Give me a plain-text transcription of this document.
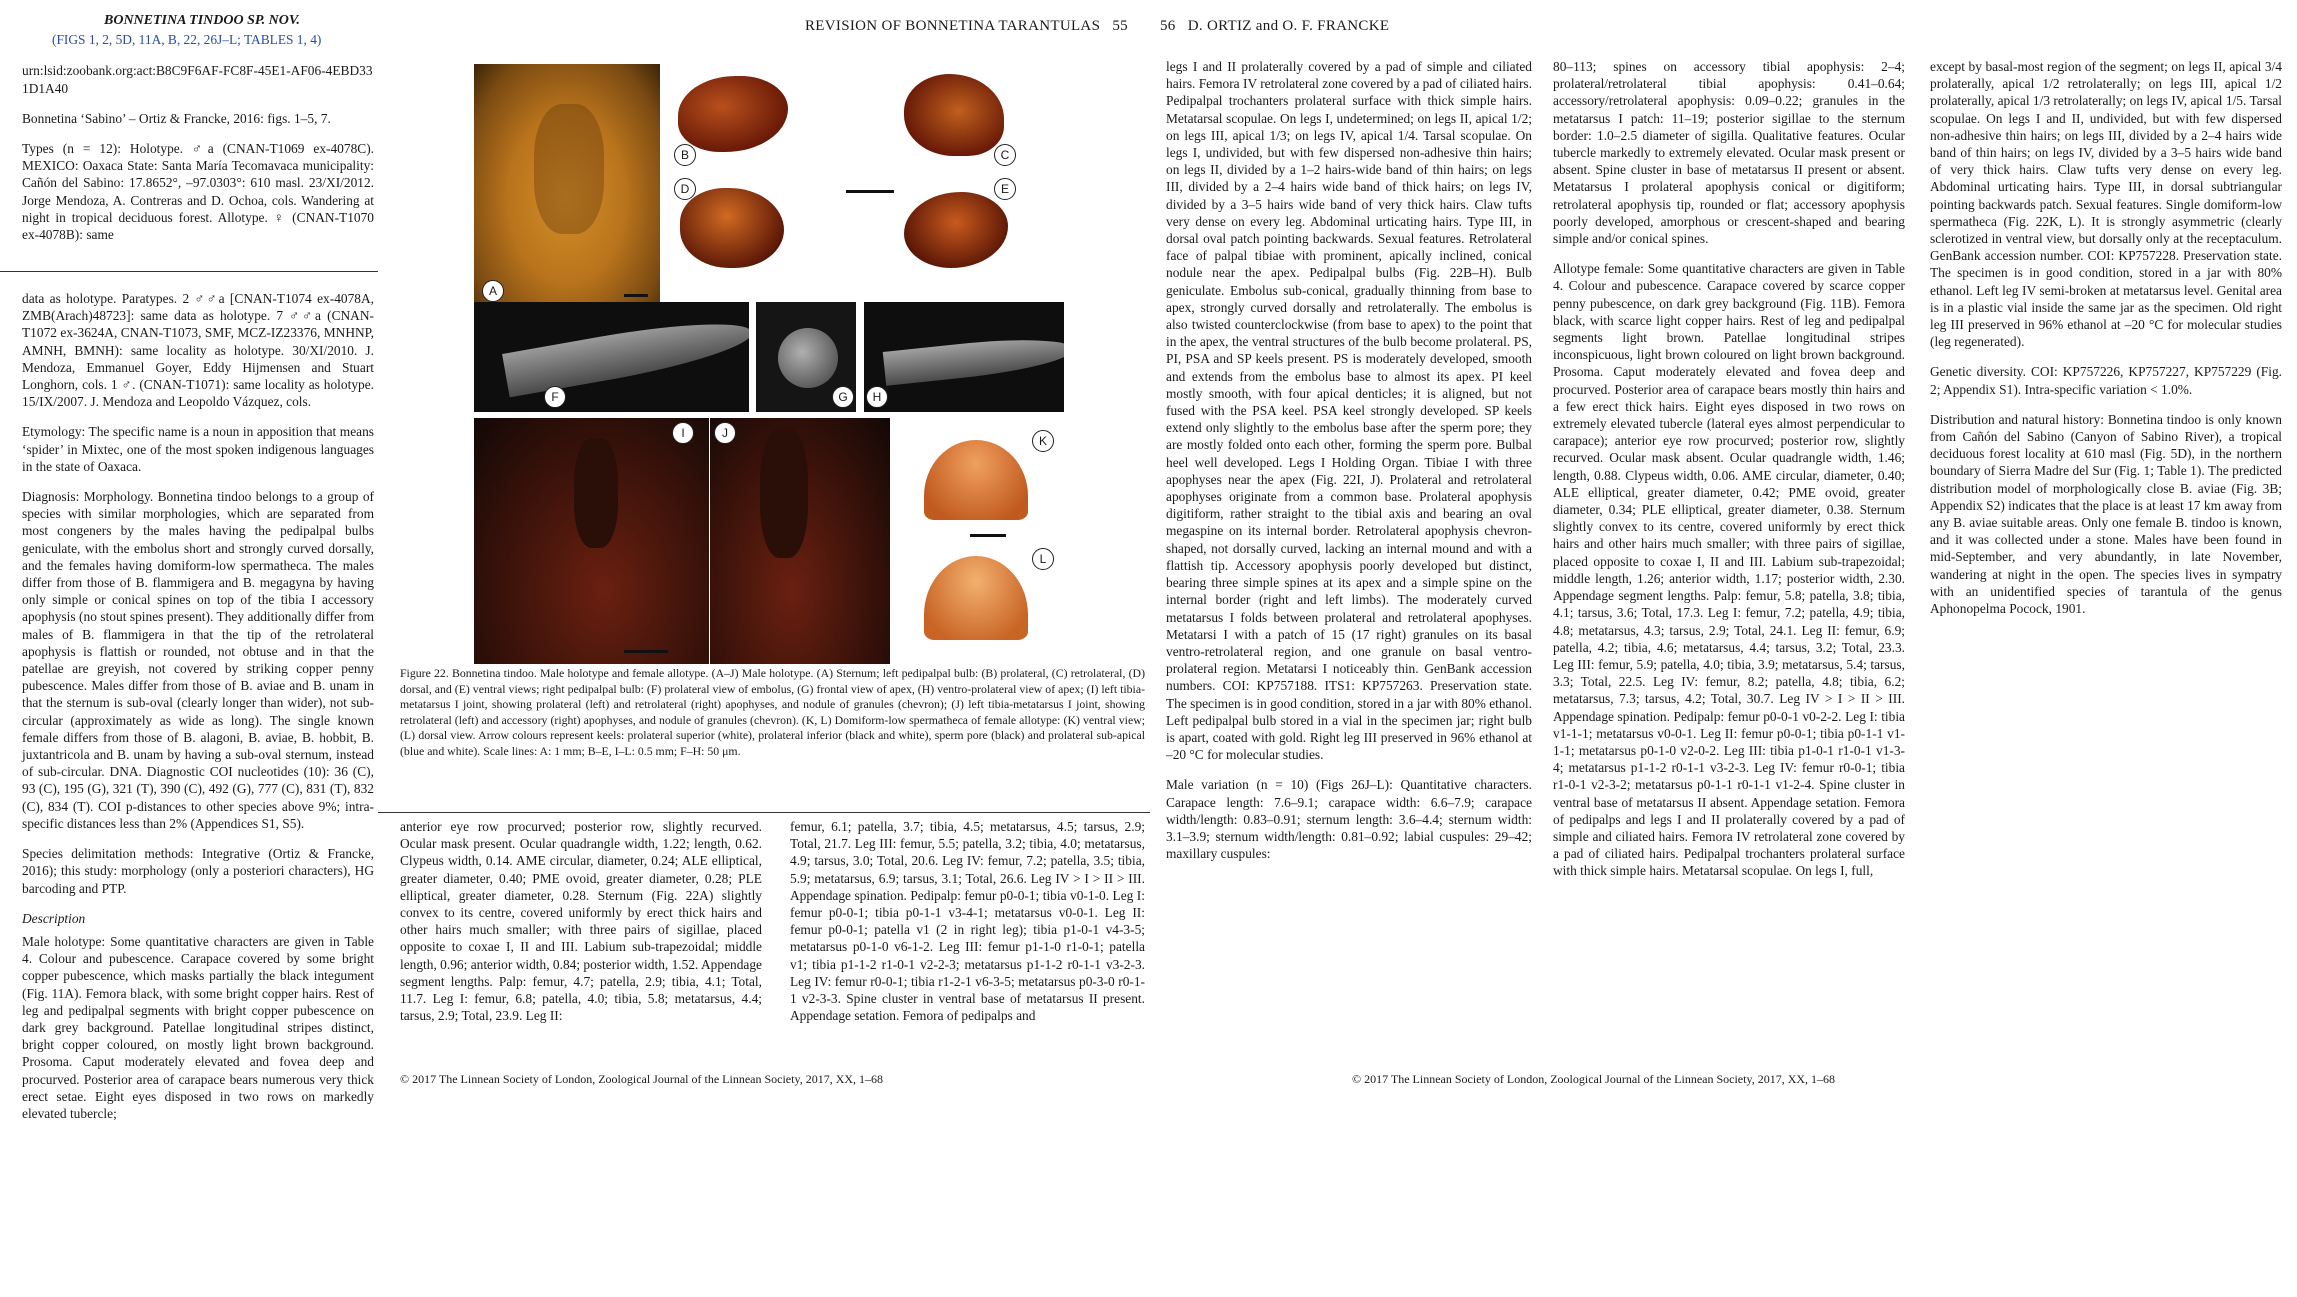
REVISION OF BONNETINA TARANTULAS 55

BONNETINA TINDOO SP. NOV.

(FIGS 1, 2, 5D, 11A, B, 22, 26J–L; TABLES 1, 4)

urn:lsid:zoobank.org:act:B8C9F6AF-FC8F-45E1-AF06-4EBD331D1A40

Bonnetina ‘Sabino’ – Ortiz & Francke, 2016: figs. 1–5, 7.

Types (n = 12): Holotype. ♂a (CNAN-T1069 ex-4078C). MEXICO: Oaxaca State: Santa María Tecomavaca municipality: Cañón del Sabino: 17.8652°, –97.0303°: 610 masl. 23/XI/2012. Jorge Mendoza, A. Contreras and D. Ochoa, cols. Wandering at night in tropical deciduous forest. Allotype. ♀ (CNAN-T1070 ex-4078B): same

data as holotype. Paratypes. 2 ♂♂a [CNAN-T1074 ex-4078A, ZMB(Arach)48723]: same data as holotype. 7 ♂♂a (CNAN-T1072 ex-3624A, CNAN-T1073, SMF, MCZ-IZ23376, MNHNP, AMNH, BMNH): same locality as holotype. 30/XI/2010. J. Mendoza, Emmanuel Goyer, Eddy Hijmensen and Stuart Longhorn, cols. 1 ♂. (CNAN-T1071): same locality as holotype. 15/IX/2007. J. Mendoza and Leopoldo Vázquez, cols.

Etymology: The specific name is a noun in apposition that means ‘spider’ in Mixtec, one of the most spoken indigenous languages in the state of Oaxaca.

Diagnosis: Morphology. Bonnetina tindoo belongs to a group of species with similar morphologies, which are separated from most congeners by the males having the pedipalpal bulbs geniculate, with the embolus short and strongly curved dorsally, and the females having domiform-low spermatheca. The males differ from those of B. flammigera and B. megagyna by having only simple or conical spines on top of the tibia I accessory apophysis (no stout spines present). They additionally differ from males of B. flammigera in that the tip of the retrolateral apophysis is flattish or rounded, not obtuse and in that the patellae are greyish, not covered by striking copper penny pubescence. Males differ from those of B. aviae and B. unam in that the sternum is sub-oval (clearly longer than wider), not sub-circular (approximately as wide as long). The single known female differs from those of B. alagoni, B. aviae, B. hobbit, B. juxtantricola and B. unam by having a sub-oval sternum, instead of sub-circular. DNA. Diagnostic COI nucleotides (10): 36 (C), 93 (C), 195 (G), 321 (T), 390 (C), 492 (G), 777 (C), 831 (T), 832 (C), 834 (T). COI p-distances to other species above 9%; intra-specific distances less than 2% (Appendices S1, S5).

Species delimitation methods: Integrative (Ortiz & Francke, 2016); this study: morphology (only a posteriori characters), HG barcoding and PTP.

Description

Male holotype: Some quantitative characters are given in Table 4. Colour and pubescence. Carapace covered by some bright copper pubescence, which masks partially the black integument (Fig. 11A). Femora black, with some bright copper hairs. Rest of leg and pedipalpal segments with bright copper pubescence on dark grey background. Patellae longitudinal stripes distinct, bright copper coloured, on mostly light brown background. Prosoma. Caput moderately elevated and fovea deep and procurved. Posterior area of carapace bears numerous very thick erect setae. Eight eyes disposed in two rows on markedly elevated tubercle;

A
B	C
D	E
F	G	H
I	J
K
L
Figure 22. Bonnetina tindoo. Male holotype and female allotype. (A–J) Male holotype. (A) Sternum; left pedipalpal bulb: (B) prolateral, (C) retrolateral, (D) dorsal, and (E) ventral views; right pedipalpal bulb: (F) prolateral view of embolus, (G) frontal view of apex, (H) ventro-prolateral view of apex; (I) left tibia-metatarsus I joint, showing prolateral (left) and retrolateral (right) apophyses, and nodule of granules (chevron); (J) left tibia-metatarsus I joint, showing retrolateral (left) and accessory (right) apophyses, and nodule of granules (chevron). (K, L) Domiform-low spermatheca of female allotype: (K) ventral view; (L) dorsal view. Arrow colours represent keels: prolateral superior (white), prolateral inferior (black and white), sperm pore (black) and prolateral sub-apical (blue and white). Scale lines: A: 1 mm; B–E, I–L: 0.5 mm; F–H: 50 μm.

anterior eye row procurved; posterior row, slightly recurved. Ocular mask present. Ocular quadrangle width, 1.22; length, 0.62. Clypeus width, 0.14. AME circular, diameter, 0.24; ALE elliptical, greater diameter, 0.40; PME ovoid, greater diameter, 0.28; PLE elliptical, greater diameter, 0.28. Sternum (Fig. 22A) slightly convex to its centre, covered uniformly by erect thick hairs and other hairs much smaller; with three pairs of sigillae, placed opposite to coxae I, II and III. Labium sub-trapezoidal; middle length, 0.96; anterior width, 0.84; posterior width, 1.52. Appendage segment lengths. Palp: femur, 4.7; patella, 2.9; tibia, 4.1; Total, 11.7. Leg I: femur, 6.8; patella, 4.0; tibia, 5.8; metatarsus, 4.4; tarsus, 2.9; Total, 23.9. Leg II:

femur, 6.1; patella, 3.7; tibia, 4.5; metatarsus, 4.5; tarsus, 2.9; Total, 21.7. Leg III: femur, 5.5; patella, 3.2; tibia, 4.0; metatarsus, 4.9; tarsus, 3.0; Total, 20.6. Leg IV: femur, 7.2; patella, 3.5; tibia, 5.9; metatarsus, 6.9; tarsus, 3.1; Total, 26.6. Leg IV > I > II > III. Appendage spination. Pedipalp: femur p0-0-1; tibia v0-1-0. Leg I: femur p0-0-1; tibia p0-1-1 v3-4-1; metatarsus v0-0-1. Leg II: femur p0-0-1; patella v1 (2 in right leg); tibia p1-0-1 v4-3-5; metatarsus p0-1-0 v6-1-2. Leg III: femur p1-1-0 r1-0-1; patella v1; tibia p1-1-2 r1-0-1 v2-2-3; metatarsus p1-1-2 r0-1-1 v3-2-3. Leg IV: femur r0-0-1; tibia r1-2-1 v6-3-5; metatarsus p0-3-0 r0-1-1 v2-3-3. Spine cluster in ventral base of metatarsus II present. Appendage setation. Femora of pedipalps and

© 2017 The Linnean Society of London, Zoological Journal of the Linnean Society, 2017, XX, 1–68
56 D. ORTIZ and O. F. FRANCKE

legs I and II prolaterally covered by a pad of simple and ciliated hairs. Femora IV retrolateral zone covered by a pad of ciliated hairs. Pedipalpal trochanters prolateral surface with thick simple hairs. Metatarsal scopulae. On legs I, undetermined; on legs II, apical 1/2; on legs III, apical 1/3; on legs IV, apical 1/4. Tarsal scopulae. On legs I, undivided, but with few dispersed non-adhesive thin hairs; on legs II, divided by a 1–2 hairs-wide band of thin hairs; on legs III, divided by a 2–4 hairs wide band of thick hairs; on legs IV, divided by a 3–5 hairs wide band of very thick hairs. Claw tufts very dense on every leg. Abdominal urticating hairs. Type III, in dorsal oval patch pointing backwards. Sexual features. Retrolateral face of palpal tibiae with prominent, apically inclined, conical nodule near the apex. Pedipalpal bulbs (Fig. 22B–H). Bulb geniculate. Embolus sub-conical, gradually thinning from base to apex, strongly curved dorsally and retrolaterally. The embolus is also twisted counterclockwise (from base to apex) to the point that in the apex, the ventral structures of the bulb become prolateral. PS, PI, PSA and SP keels present. PS is moderately developed, smooth and extends from the embolus base to almost its apex. PI keel mostly smooth, with four apical denticles; it is aligned, but not fused with the PSA keel. PSA keel strongly developed. SP keels extend only slightly to the embolus base after the sperm pore; they are mostly folded onto each other, forming the sperm pore. Bulbal heel well developed. Legs I Holding Organ. Tibiae I with three apophyses near the apex (Fig. 22I, J). Prolateral and retrolateral apophyses originate from a common base. Prolateral apophysis digitiform, rather straight to the tibial axis and bearing an oval megaspine on its internal border. Retrolateral apophysis chevron-shaped, not dorsally curved, lacking an internal mound and with a flattish tip. Accessory apophysis poorly developed but distinct, bearing three simple spines at its apex and a simple spine on the internal border (right and left limbs). The moderately curved metatarsus I folds between prolateral and retrolateral apophyses. Metatarsi I with a patch of 15 (17 right) granules on its basal ventro-retrolateral region, and one granule on basal ventro-prolateral region. Metatarsi I noticeably thin. GenBank accession numbers. COI: KP757188. ITS1: KP757263. Preservation state. The specimen is in good condition, stored in a jar with 80% ethanol. Left pedipalpal bulb stored in a vial in the specimen jar; right bulb is apart, coated with gold. Right leg III preserved in 96% ethanol at –20 °C for molecular studies.

Male variation (n = 10) (Figs 26J–L): Quantitative characters. Carapace length: 7.6–9.1; carapace width: 6.6–7.9; carapace width/length: 0.83–0.91; sternum length: 3.6–4.4; sternum width: 3.1–3.9; sternum width/length: 0.81–0.92; labial cuspules: 29–42; maxillary cuspules:

80–113; spines on accessory tibial apophysis: 2–4; prolateral/retrolateral tibial apophysis: 0.41–0.64; accessory/retrolateral apophysis: 0.09–0.22; granules in the metatarsus I patch: 11–19; posterior sigillae to the sternum border: 1.0–2.5 diameter of sigilla. Qualitative features. Ocular tubercle markedly to extremely elevated. Ocular mask present or absent. Spine cluster in base of metatarsus II present or absent. Metatarsus I prolateral apophysis conical or digitiform; retrolateral apophysis tip, rounded or flat; accessory apophysis poorly developed, amorphous or crescent-shaped and bearing simple and/or conical spines.

Allotype female: Some quantitative characters are given in Table 4. Colour and pubescence. Carapace covered by scarce copper penny pubescence, on dark grey background (Fig. 11B). Femora black, with scarce light copper hairs. Rest of leg and pedipalpal segments light brown. Patellae longitudinal stripes inconspicuous, light brown coloured on light brown background. Prosoma. Caput moderately elevated and fovea deep and procurved. Posterior area of carapace bears mostly thin hairs and a few erect thick hairs. Eight eyes disposed in two rows on extremely elevated tubercle (lateral eyes almost perpendicular to carapace); anterior eye row procurved; posterior row, slightly recurved. Ocular mask absent. Ocular quadrangle width, 1.46; length, 0.88. Clypeus width, 0.06. AME circular, diameter, 0.40; ALE elliptical, greater diameter, 0.42; PME ovoid, greater diameter, 0.34; PLE elliptical, greater diameter, 0.38. Sternum slightly convex to its centre, covered uniformly by erect thick hairs and other hairs much smaller; with three pairs of sigillae, placed opposite to coxae I, II and III. Labium sub-trapezoidal; middle length, 1.26; anterior width, 1.17; posterior width, 2.30. Appendage segment lengths. Palp: femur, 5.8; patella, 3.8; tibia, 4.1; tarsus, 3.6; Total, 17.3. Leg I: femur, 7.2; patella, 4.9; tibia, 4.8; metatarsus, 4.3; tarsus, 2.9; Total, 24.1. Leg II: femur, 6.9; patella, 4.2; tibia, 4.6; metatarsus, 4.4; tarsus, 3.2; Total, 23.3. Leg III: femur, 5.9; patella, 4.0; tibia, 3.9; metatarsus, 5.4; tarsus, 3.3; Total, 22.5. Leg IV: femur, 8.2; patella, 4.8; tibia, 6.2; metatarsus, 7.3; tarsus, 4.2; Total, 30.7. Leg IV > I > II > III. Appendage spination. Pedipalp: femur p0-0-1 v0-2-2. Leg I: tibia v1-1-1; metatarsus v0-0-1. Leg II: femur p0-0-1; tibia p0-1-1 v1-1-1; metatarsus p0-1-0 v2-0-2. Leg III: tibia p1-0-1 r1-0-1 v1-3-4; metatarsus p1-1-2 r0-1-1 v3-2-3. Leg IV: femur r0-0-1; tibia r1-0-1 v2-3-2; metatarsus p0-1-1 r0-1-1 v1-2-4. Spine cluster in ventral base of metatarsus II absent. Appendage setation. Femora of pedipalps and legs I and II prolaterally covered by a pad of simple and ciliated hairs. Femora IV retrolateral zone covered by a pad of ciliated hairs. Pedipalpal trochanters prolateral surface with thick simple hairs. Metatarsal scopulae. On legs I, full,

except by basal-most region of the segment; on legs II, apical 3/4 prolaterally, apical 1/2 retrolaterally; on legs III, apical 1/2 prolaterally, apical 1/3 retrolaterally; on legs IV, apical 1/5. Tarsal scopulae. On legs I and II, undivided, but with few dispersed non-adhesive thin hairs; on legs III, divided by a 2–4 hairs wide band of thin hairs; on legs IV, divided by a 3–5 hairs wide band of very thick hairs. Claw tufts very dense on every leg. Abdominal urticating hairs. Type III, in dorsal subtriangular pointing backwards patch. Sexual features. Single domiform-low spermatheca (Fig. 22K, L). It is strongly asymmetric (clearly sclerotized in ventral view, but dorsally only at the receptaculum. GenBank accession number. COI: KP757228. Preservation state. The specimen is in good condition, stored in a jar with 80% ethanol. Left leg IV semi-broken at metatarsus level. Genital area is in a plastic vial inside the same jar as the specimen. Old right leg III preserved in 96% ethanol at –20 °C for molecular studies (leg regenerated).

Genetic diversity. COI: KP757226, KP757227, KP757229 (Fig. 2; Appendix S1). Intra-specific variation < 1.0%.

Distribution and natural history: Bonnetina tindoo is only known from Cañón del Sabino (Canyon of Sabino River), a tropical deciduous forest locality at 610 masl (Fig. 5D), in the northern boundary of Sierra Madre del Sur (Fig. 1; Table 1). The predicted distribution model of morphologically close B. aviae (Fig. 3B; Appendix S2) indicates that the place is at least 17 km away from any B. aviae suitable areas. Only one female B. tindoo is known, and it was collected under a stone. Males have been found in mid-September, and very abundantly, in late November, wandering at night in the open. The species lives in sympatry with an unidentified species of tarantula of the genus Aphonopelma Pocock, 1901.

© 2017 The Linnean Society of London, Zoological Journal of the Linnean Society, 2017, XX, 1–68
